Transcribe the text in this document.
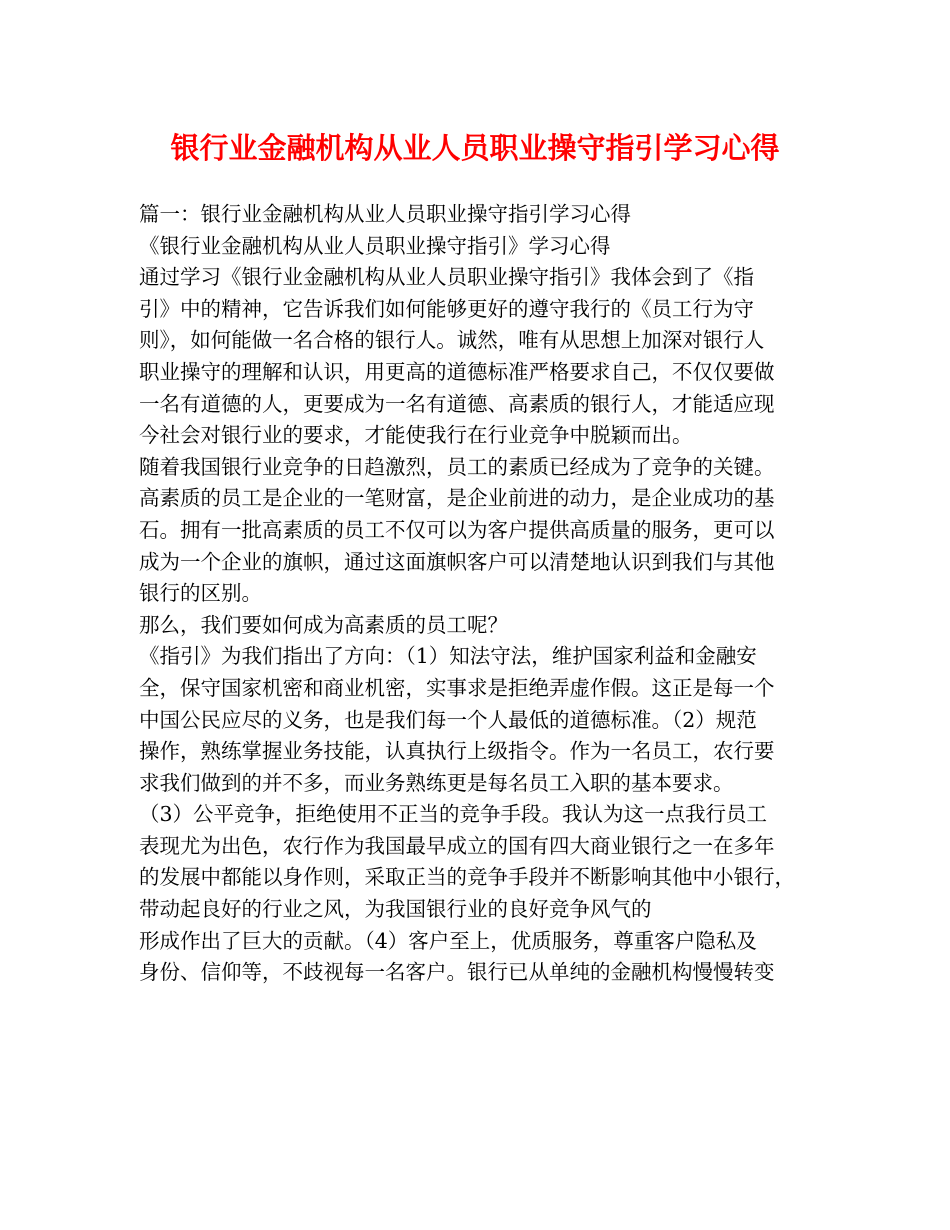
银行业金融机构从业人员职业操守指引学习心得
篇一：银行业金融机构从业人员职业操守指引学习心得
《银行业金融机构从业人员职业操守指引》学习心得
通过学习《银行业金融机构从业人员职业操守指引》我体会到了《指
引》中的精神，它告诉我们如何能够更好的遵守我行的《员工行为守
则》，如何能做一名合格的银行人。诚然，唯有从思想上加深对银行人
职业操守的理解和认识，用更高的道德标准严格要求自己，不仅仅要做
一名有道德的人，更要成为一名有道德、高素质的银行人，才能适应现
今社会对银行业的要求，才能使我行在行业竞争中脱颖而出。
随着我国银行业竞争的日趋激烈，员工的素质已经成为了竞争的关键。
高素质的员工是企业的一笔财富，是企业前进的动力，是企业成功的基
石。拥有一批高素质的员工不仅可以为客户提供高质量的服务，更可以
成为一个企业的旗帜，通过这面旗帜客户可以清楚地认识到我们与其他
银行的区别。
那么，我们要如何成为高素质的员工呢？
《指引》为我们指出了方向：（1）知法守法，维护国家利益和金融安
全，保守国家机密和商业机密，实事求是拒绝弄虚作假。这正是每一个
中国公民应尽的义务，也是我们每一个人最低的道德标准。（2）规范
操作，熟练掌握业务技能，认真执行上级指令。作为一名员工，农行要
求我们做到的并不多，而业务熟练更是每名员工入职的基本要求。
（3）公平竞争，拒绝使用不正当的竞争手段。我认为这一点我行员工
表现尤为出色，农行作为我国最早成立的国有四大商业银行之一在多年
的发展中都能以身作则，采取正当的竞争手段并不断影响其他中小银行，
带动起良好的行业之风，为我国银行业的良好竞争风气的
形成作出了巨大的贡献。（4）客户至上，优质服务，尊重客户隐私及
身份、信仰等，不歧视每一名客户。银行已从单纯的金融机构慢慢转变
